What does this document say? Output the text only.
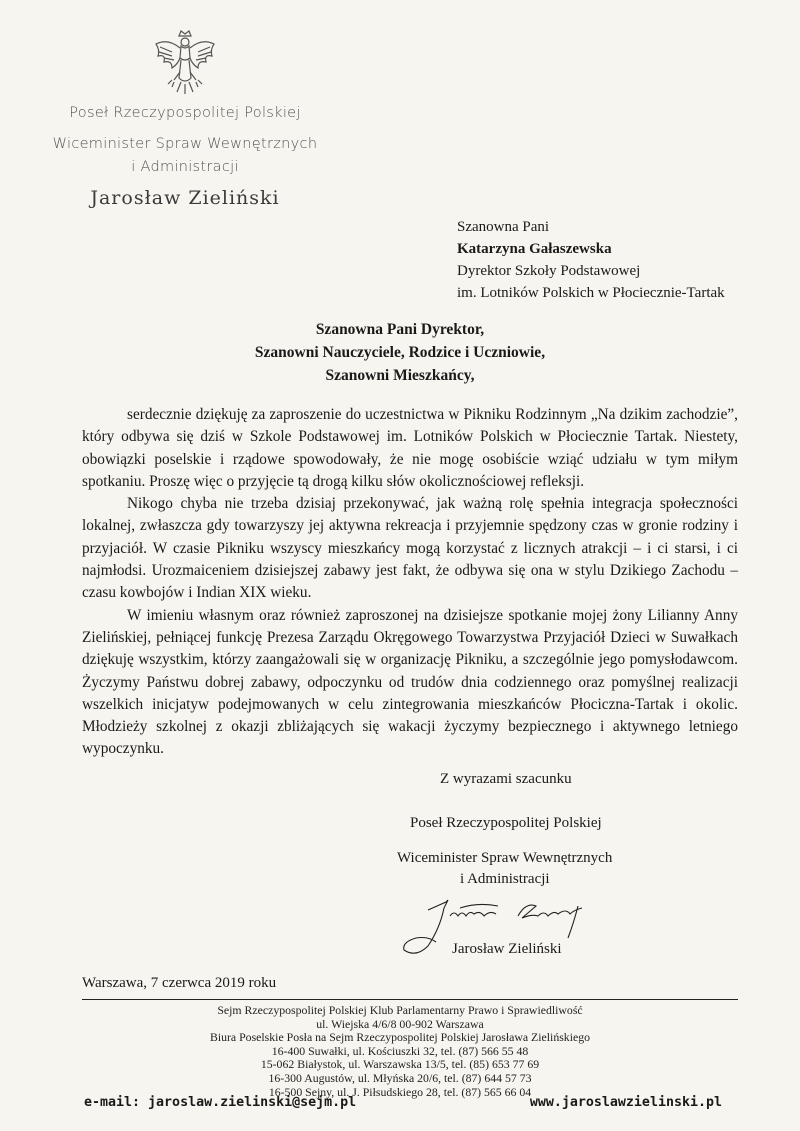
Poseł Rzeczypospolitej Polskiej
Wiceminister Spraw Wewnętrznych
i Administracji
Jarosław Zieliński
Szanowna Pani
Katarzyna Gałaszewska
Dyrektor Szkoły Podstawowej
im. Lotników Polskich w Płociecznie-Tartak
Szanowna Pani Dyrektor,
Szanowni Nauczyciele, Rodzice i Uczniowie,
Szanowni Mieszkańcy,

serdecznie dziękuję za zaproszenie do uczestnictwa w Pikniku Rodzinnym „Na dzikim zachodzie”, który odbywa się dziś w Szkole Podstawowej im. Lotników Polskich w Płociecznie Tartak. Niestety, obowiązki poselskie i rządowe spowodowały, że nie mogę osobiście wziąć udziału w tym miłym spotkaniu. Proszę więc o przyjęcie tą drogą kilku słów okolicznościowej refleksji.

Nikogo chyba nie trzeba dzisiaj przekonywać, jak ważną rolę spełnia integracja społeczności lokalnej, zwłaszcza gdy towarzyszy jej aktywna rekreacja i przyjemnie spędzony czas w gronie rodziny i przyjaciół. W czasie Pikniku wszyscy mieszkańcy mogą korzystać z licznych atrakcji – i ci starsi, i ci najmłodsi. Urozmaiceniem dzisiejszej zabawy jest fakt, że odbywa się ona w stylu Dzikiego Zachodu – czasu kowbojów i Indian XIX wieku.

W imieniu własnym oraz również zaproszonej na dzisiejsze spotkanie mojej żony Lilianny Anny Zielińskiej, pełniącej funkcję Prezesa Zarządu Okręgowego Towarzystwa Przyjaciół Dzieci w Suwałkach dziękuję wszystkim, którzy zaangażowali się w organizację Pikniku, a szczególnie jego pomysłodawcom. Życzymy Państwu dobrej zabawy, odpoczynku od trudów dnia codziennego oraz pomyślnej realizacji wszelkich inicjatyw podejmowanych w celu zintegrowania mieszkańców Płociczna-Tartak i okolic. Młodzieży szkolnej z okazji zbliżających się wakacji życzymy bezpiecznego i aktywnego letniego wypoczynku.

Z wyrazami szacunku
Poseł Rzeczypospolitej Polskiej
Wiceminister Spraw Wewnętrznych
i Administracji
Jarosław Zieliński
Warszawa, 7 czerwca 2019 roku
Sejm Rzeczypospolitej Polskiej Klub Parlamentarny Prawo i Sprawiedliwość
ul. Wiejska 4/6/8 00-902 Warszawa
Biura Poselskie Posła na Sejm Rzeczypospolitej Polskiej Jarosława Zielińskiego
16-400 Suwałki, ul. Kościuszki 32, tel. (87) 566 55 48
15-062 Białystok, ul. Warszawska 13/5, tel. (85) 653 77 69
16-300 Augustów, ul. Młyńska 20/6, tel. (87) 644 57 73
16-500 Sejny, ul. J. Piłsudskiego 28, tel. (87) 565 66 04
e-mail: jaroslaw.zielinski@sejm.pl	www.jaroslawzielinski.pl
